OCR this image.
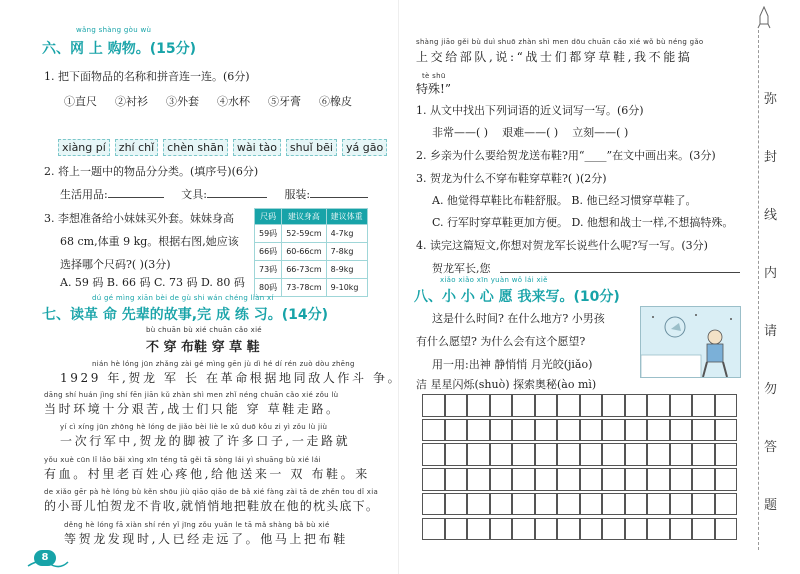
wǎng shàng gòu wù
六、网 上 购物。(15分)
1. 把下面物品的名称和拼音连一连。(6分)
①直尺 ②衬衫 ③外套 ④水杯 ⑤牙膏 ⑥橡皮
xiàng pí zhí chǐ chèn shān wài tào shuǐ bēi yá gāo
2. 将上一题中的物品分分类。(填序号)(6分)
生活用品:	文具:	服装:
3. 李想准备给小妹妹买外套。妹妹身高
68 cm,体重 9 kg。根据右图,她应该
选择哪个尺码?( )(3分)
A. 59 码 B. 66 码 C. 73 码 D. 80 码
尺码	建议身高	建议体重
59码	52-59cm	4-7kg
66码	60-66cm	7-8kg
73码	66-73cm	8-9kg
80码	73-78cm	9-10kg
dú gé mìng xiān bèi de gù shi wán chéng liàn xí
七、读革 命 先辈的故事,完 成 练 习。(14分)
bù chuān bù xié chuān cǎo xié
不 穿 布鞋 穿 草 鞋
nián hè lóng jūn zhǎng zài gé mìng gēn jù dì hé dí rén zuò dòu zhēng
1929 年,贺龙 军 长 在革命根据地同敌人作斗 争。
dāng shí huán jìng shí fēn jiān kǔ zhàn shì men zhǐ néng chuān cǎo xié zǒu lù
当时环境十分艰苦,战士们只能 穿 草鞋走路。
yí cì xíng jūn zhōng hè lóng de jiǎo bèi liè le xǔ duō kǒu zi yì zǒu lù jiù
一次行军中,贺龙的脚被了许多口子,一走路就
yǒu xuè cūn lǐ lǎo bǎi xìng xīn téng tā gěi tā sòng lái yì shuāng bù xié lái
有血。村里老百姓心疼他,给他送来一 双 布鞋。来
de xiǎo gēr pà hè lóng bù kěn shōu jiù qiāo qiāo de bǎ xié fàng zài tā de zhěn tou dǐ xia
的小哥儿怕贺龙不肯收,就悄悄地把鞋放在他的枕头底下。
děng hè lóng fā xiàn shí rén yǐ jīng zǒu yuǎn le tā mǎ shàng bǎ bù xié
等贺龙发现时,人已经走远了。他马上把布鞋
8
shàng jiāo gěi bù duì shuō zhàn shì men dōu chuān cǎo xié wǒ bù néng gǎo
上交给部队,说:“战士们都穿草鞋,我不能搞
tè shū
特殊!”
1. 从文中找出下列词语的近义词写一写。(6分)
非常——( ) 艰难——( ) 立刻——( )
2. 乡亲为什么要给贺龙送布鞋?用“____”在文中画出来。(3分)
3. 贺龙为什么不穿布鞋穿草鞋?( )(2分)
A. 他觉得草鞋比布鞋舒服。 B. 他已经习惯穿草鞋了。
C. 行军时穿草鞋更加方便。 D. 他想和战士一样,不想搞特殊。
4. 读完这篇短文,你想对贺龙军长说些什么呢?写一写。(3分)
贺龙军长,您
xiǎo xiǎo xīn yuàn wǒ lái xiě
八、小 小 心 愿 我来写。(10分)
这是什么时间? 在什么地方? 小男孩
有什么愿望? 为什么会有这个愿望?
用一用:出神 静悄悄 月光皎(jiǎo)
洁 星星闪烁(shuò) 探索奥秘(ào mì)
弥
封
线
内
请
勿
答
题
